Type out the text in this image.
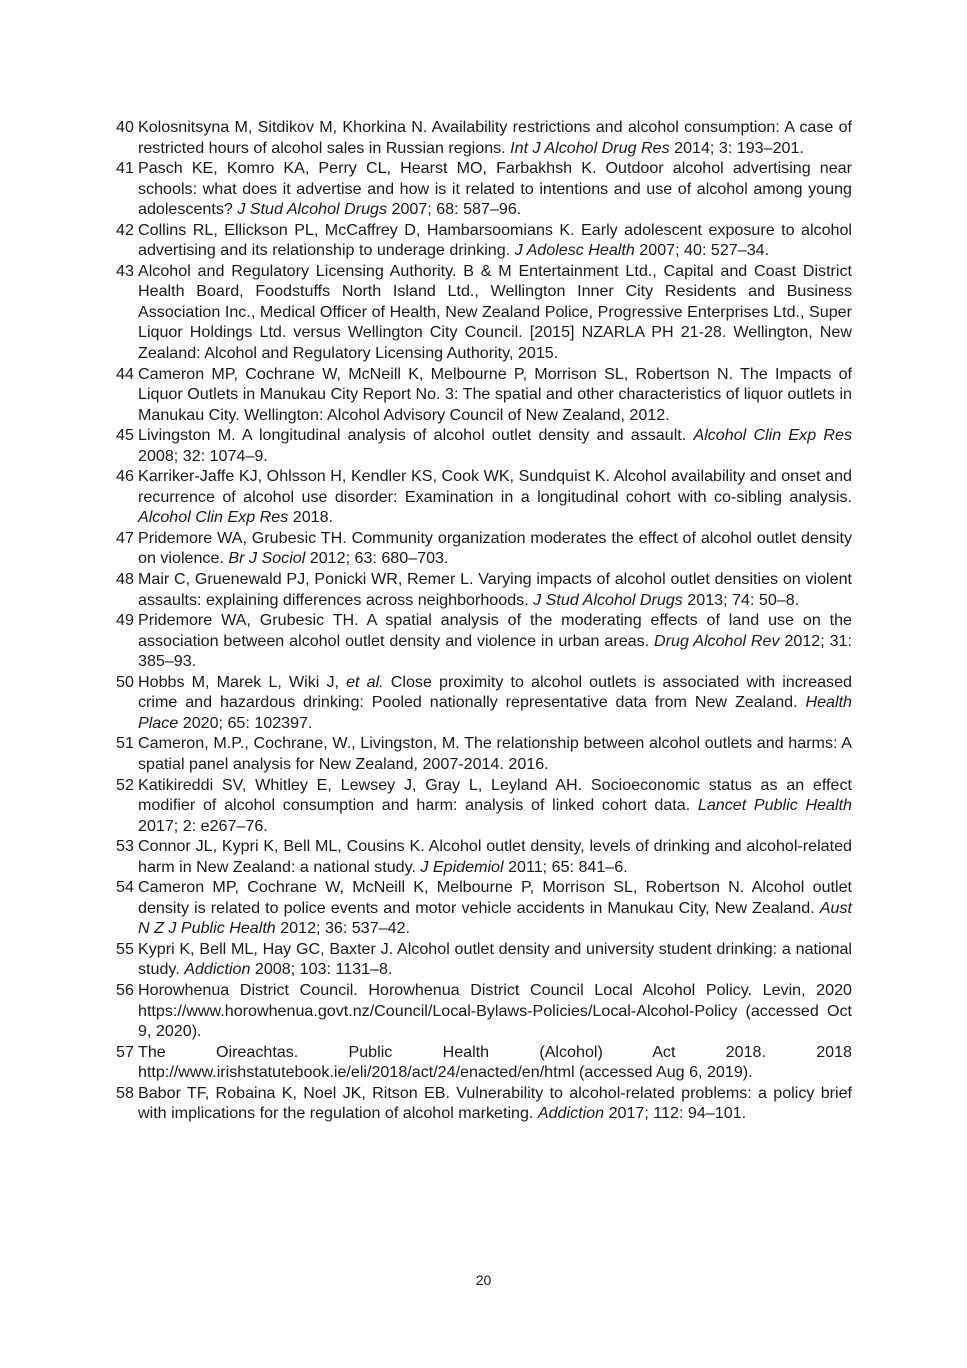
40 Kolosnitsyna M, Sitdikov M, Khorkina N. Availability restrictions and alcohol consumption: A case of restricted hours of alcohol sales in Russian regions. Int J Alcohol Drug Res 2014; 3: 193–201.
41 Pasch KE, Komro KA, Perry CL, Hearst MO, Farbakhsh K. Outdoor alcohol advertising near schools: what does it advertise and how is it related to intentions and use of alcohol among young adolescents? J Stud Alcohol Drugs 2007; 68: 587–96.
42 Collins RL, Ellickson PL, McCaffrey D, Hambarsoomians K. Early adolescent exposure to alcohol advertising and its relationship to underage drinking. J Adolesc Health 2007; 40: 527–34.
43 Alcohol and Regulatory Licensing Authority. B & M Entertainment Ltd., Capital and Coast District Health Board, Foodstuffs North Island Ltd., Wellington Inner City Residents and Business Association Inc., Medical Officer of Health, New Zealand Police, Progressive Enterprises Ltd., Super Liquor Holdings Ltd. versus Wellington City Council. [2015] NZARLA PH 21-28. Wellington, New Zealand: Alcohol and Regulatory Licensing Authority, 2015.
44 Cameron MP, Cochrane W, McNeill K, Melbourne P, Morrison SL, Robertson N. The Impacts of Liquor Outlets in Manukau City Report No. 3: The spatial and other characteristics of liquor outlets in Manukau City. Wellington: Alcohol Advisory Council of New Zealand, 2012.
45 Livingston M. A longitudinal analysis of alcohol outlet density and assault. Alcohol Clin Exp Res 2008; 32: 1074–9.
46 Karriker-Jaffe KJ, Ohlsson H, Kendler KS, Cook WK, Sundquist K. Alcohol availability and onset and recurrence of alcohol use disorder: Examination in a longitudinal cohort with co-sibling analysis. Alcohol Clin Exp Res 2018.
47 Pridemore WA, Grubesic TH. Community organization moderates the effect of alcohol outlet density on violence. Br J Sociol 2012; 63: 680–703.
48 Mair C, Gruenewald PJ, Ponicki WR, Remer L. Varying impacts of alcohol outlet densities on violent assaults: explaining differences across neighborhoods. J Stud Alcohol Drugs 2013; 74: 50–8.
49 Pridemore WA, Grubesic TH. A spatial analysis of the moderating effects of land use on the association between alcohol outlet density and violence in urban areas. Drug Alcohol Rev 2012; 31: 385–93.
50 Hobbs M, Marek L, Wiki J, et al. Close proximity to alcohol outlets is associated with increased crime and hazardous drinking: Pooled nationally representative data from New Zealand. Health Place 2020; 65: 102397.
51 Cameron, M.P., Cochrane, W., Livingston, M. The relationship between alcohol outlets and harms: A spatial panel analysis for New Zealand, 2007-2014. 2016.
52 Katikireddi SV, Whitley E, Lewsey J, Gray L, Leyland AH. Socioeconomic status as an effect modifier of alcohol consumption and harm: analysis of linked cohort data. Lancet Public Health 2017; 2: e267–76.
53 Connor JL, Kypri K, Bell ML, Cousins K. Alcohol outlet density, levels of drinking and alcohol-related harm in New Zealand: a national study. J Epidemiol 2011; 65: 841–6.
54 Cameron MP, Cochrane W, McNeill K, Melbourne P, Morrison SL, Robertson N. Alcohol outlet density is related to police events and motor vehicle accidents in Manukau City, New Zealand. Aust N Z J Public Health 2012; 36: 537–42.
55 Kypri K, Bell ML, Hay GC, Baxter J. Alcohol outlet density and university student drinking: a national study. Addiction 2008; 103: 1131–8.
56 Horowhenua District Council. Horowhenua District Council Local Alcohol Policy. Levin, 2020 https://www.horowhenua.govt.nz/Council/Local-Bylaws-Policies/Local-Alcohol-Policy (accessed Oct 9, 2020).
57 The Oireachtas. Public Health (Alcohol) Act 2018. 2018 http://www.irishstatutebook.ie/eli/2018/act/24/enacted/en/html (accessed Aug 6, 2019).
58 Babor TF, Robaina K, Noel JK, Ritson EB. Vulnerability to alcohol-related problems: a policy brief with implications for the regulation of alcohol marketing. Addiction 2017; 112: 94–101.
20
